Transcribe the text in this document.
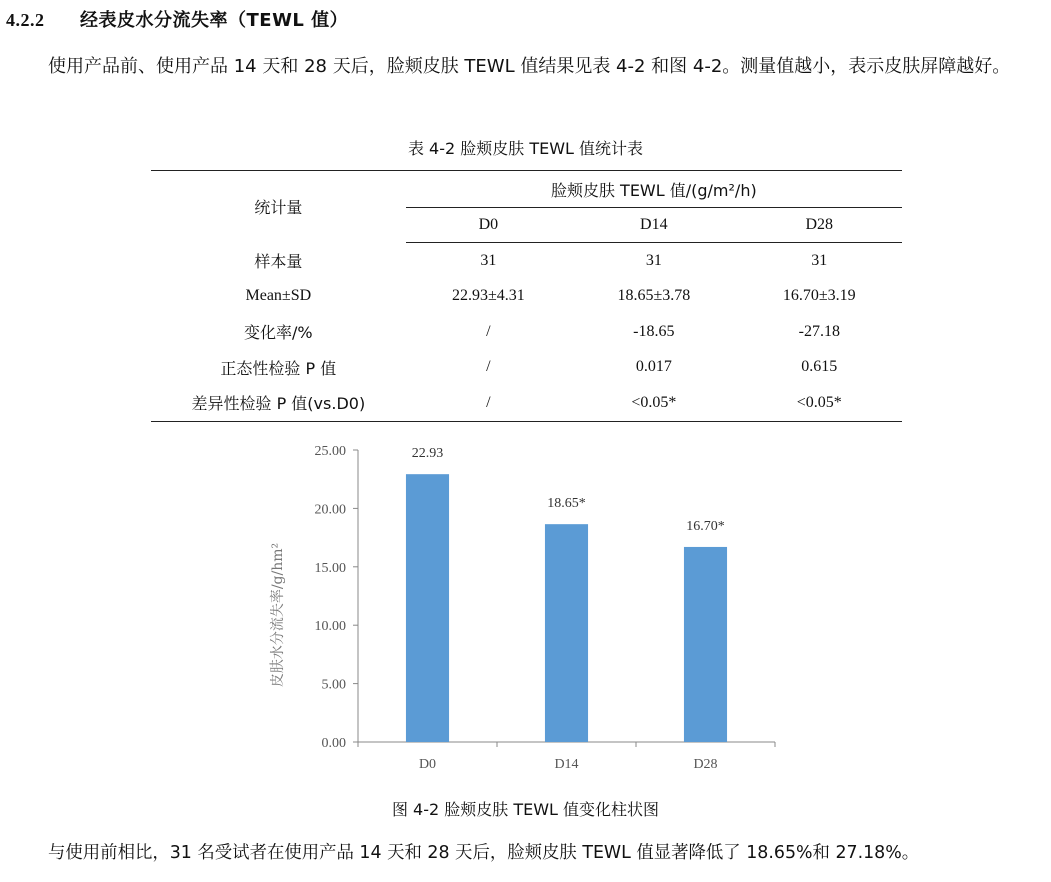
4.2.2 经表皮水分流失率（TEWL 值）
使用产品前、使用产品 14 天和 28 天后，脸颊皮肤 TEWL 值结果见表 4-2 和图 4-2。测量值越小，表示皮肤屏障越好。
表 4-2 脸颊皮肤 TEWL 值统计表
统计量	脸颊皮肤 TEWL 值/(g/m²/h)		
	D0	D14	D28
样本量	31	31	31
Mean±SD	22.93±4.31	18.65±3.78	16.70±3.19
变化率/%	/	-18.65	-27.18
正态性检验 P 值	/	0.017	0.615
差异性检验 P 值(vs.D0)	/	<0.05*	<0.05*
皮肤水分流失率/g/hm²
0.00
5.00
10.00
15.00
20.00
25.00
D0	D14	D28
22.93
18.65*
16.70*
图 4-2 脸颊皮肤 TEWL 值变化柱状图
与使用前相比，31 名受试者在使用产品 14 天和 28 天后，脸颊皮肤 TEWL 值显著降低了 18.65%和 27.18%。
